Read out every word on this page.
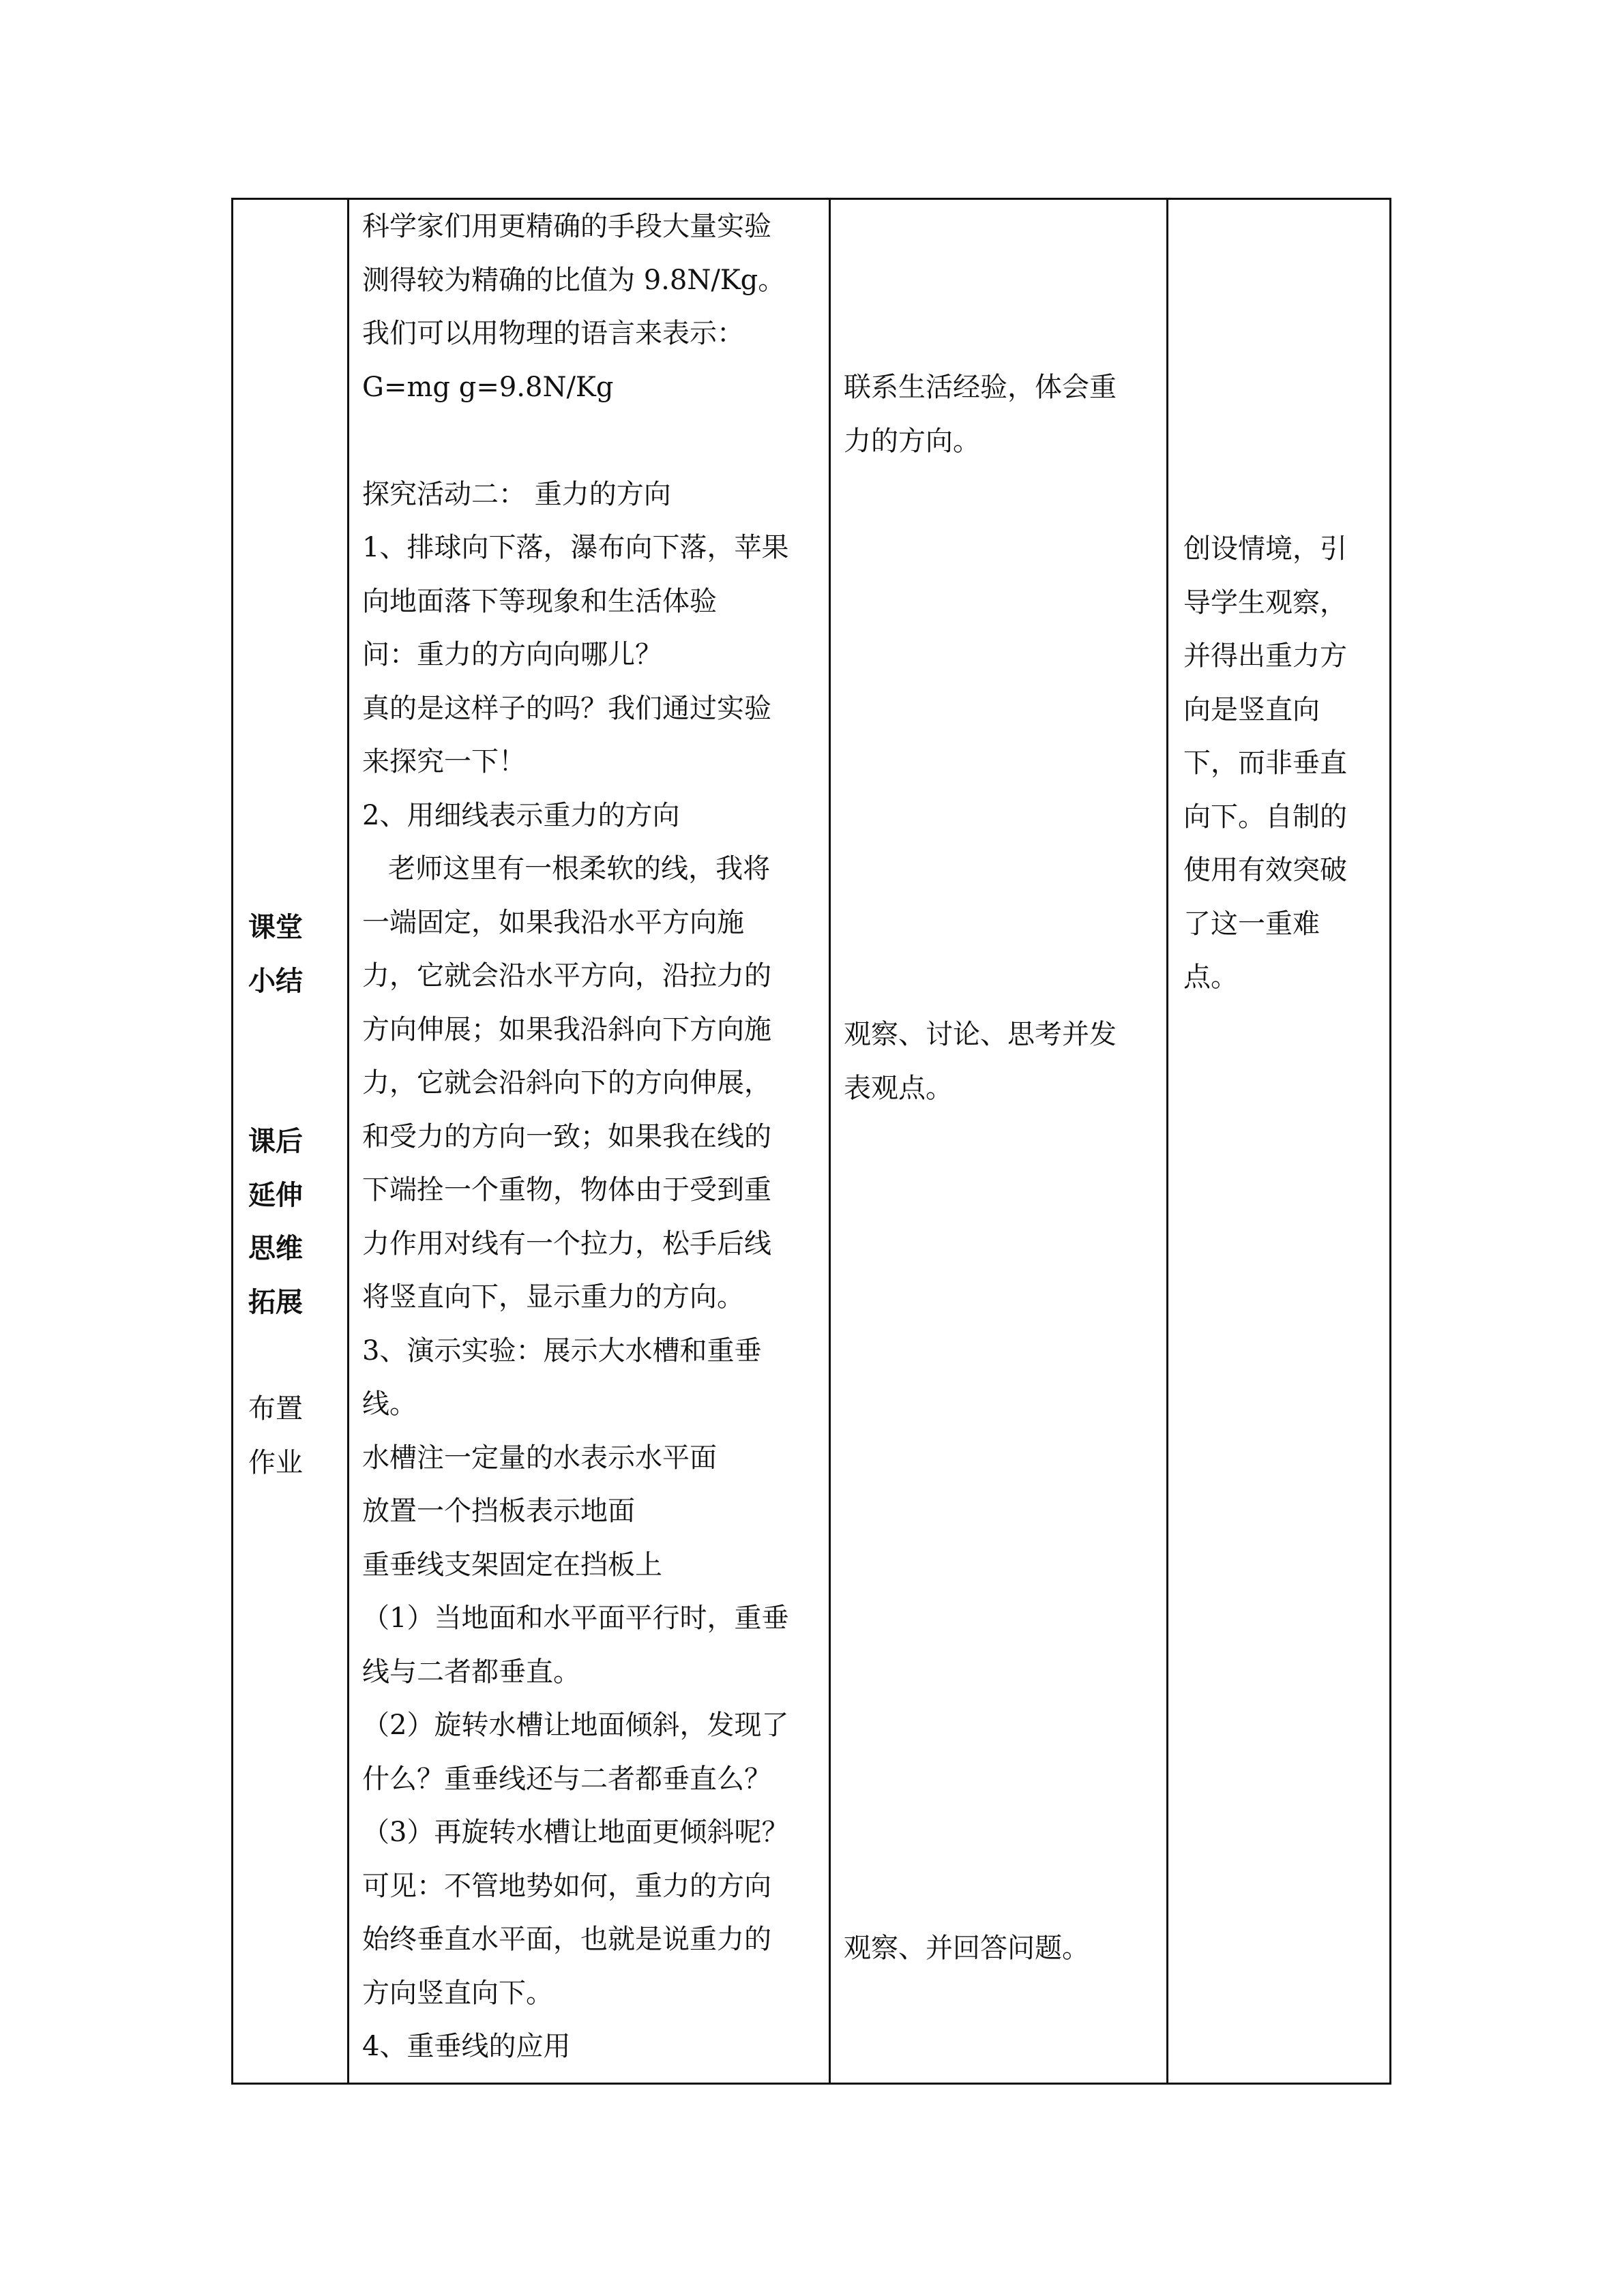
课堂
小结
课后
延伸
思维
拓展
布置
作业
科学家们用更精确的手段大量实验
测得较为精确的比值为 9.8N/Kg。
我们可以用物理的语言来表示：
G=mg g=9.8N/Kg
探究活动二： 重力的方向
1、排球向下落，瀑布向下落，苹果
向地面落下等现象和生活体验
问：重力的方向向哪儿？
真的是这样子的吗？我们通过实验
来探究一下！
2、用细线表示重力的方向
老师这里有一根柔软的线，我将
一端固定，如果我沿水平方向施
力，它就会沿水平方向，沿拉力的
方向伸展；如果我沿斜向下方向施
力，它就会沿斜向下的方向伸展，
和受力的方向一致；如果我在线的
下端拴一个重物，物体由于受到重
力作用对线有一个拉力，松手后线
将竖直向下，显示重力的方向。
3、演示实验：展示大水槽和重垂
线。
水槽注一定量的水表示水平面
放置一个挡板表示地面
重垂线支架固定在挡板上
（1）当地面和水平面平行时，重垂
线与二者都垂直。
（2）旋转水槽让地面倾斜，发现了
什么？重垂线还与二者都垂直么？
（3）再旋转水槽让地面更倾斜呢？
可见：不管地势如何，重力的方向
始终垂直水平面，也就是说重力的
方向竖直向下。
4、重垂线的应用
联系生活经验，体会重
力的方向。
观察、讨论、思考并发
表观点。
观察、并回答问题。
创设情境，引
导学生观察，
并得出重力方
向是竖直向
下，而非垂直
向下。自制的
使用有效突破
了这一重难
点。
